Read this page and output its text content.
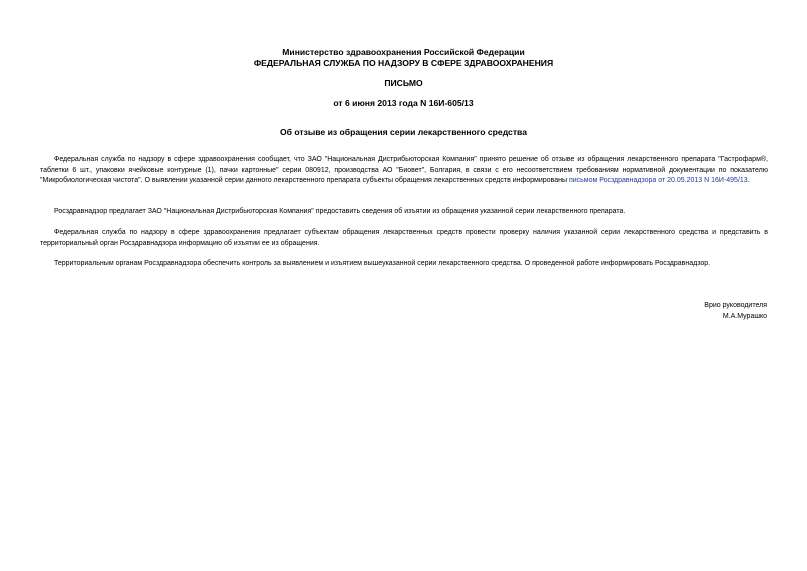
Министерство здравоохранения Российской Федерации
ФЕДЕРАЛЬНАЯ СЛУЖБА ПО НАДЗОРУ В СФЕРЕ ЗДРАВООХРАНЕНИЯ
ПИСЬМО
от 6 июня 2013 года N 16И-605/13
Об отзыве из обращения серии лекарственного средства

Федеральная служба по надзору в сфере здравоохранения сообщает, что ЗАО "Национальная Дистрибьюторская Компания" принято решение об отзыве из обращения лекарственного препарата "Гастрофарм®, таблетки 6 шт., упаковки ячейковые контурные (1), пачки картонные" серии 080912, производства АО "Биовет", Болгария, в связи с его несоответствием требованиям нормативной документации по показателю "Микробиологическая чистота". О выявлении указанной серии данного лекарственного препарата субъекты обращения лекарственных средств информированы письмом Росздравнадзора от 20.05.2013 N 16И-495/13.

Росздравнадзор предлагает ЗАО "Национальная Дистрибьюторская Компания" предоставить сведения об изъятии из обращения указанной серии лекарственного препарата.

Федеральная служба по надзору в сфере здравоохранения предлагает субъектам обращения лекарственных средств провести проверку наличия указанной серии лекарственного средства и представить в территориальный орган Росздравнадзора информацию об изъятии ее из обращения.

Территориальным органам Росздравнадзора обеспечить контроль за выявлением и изъятием вышеуказанной серии лекарственного средства. О проведенной работе информировать Росздравнадзор.

Врио руководителя
М.А.Мурашко
